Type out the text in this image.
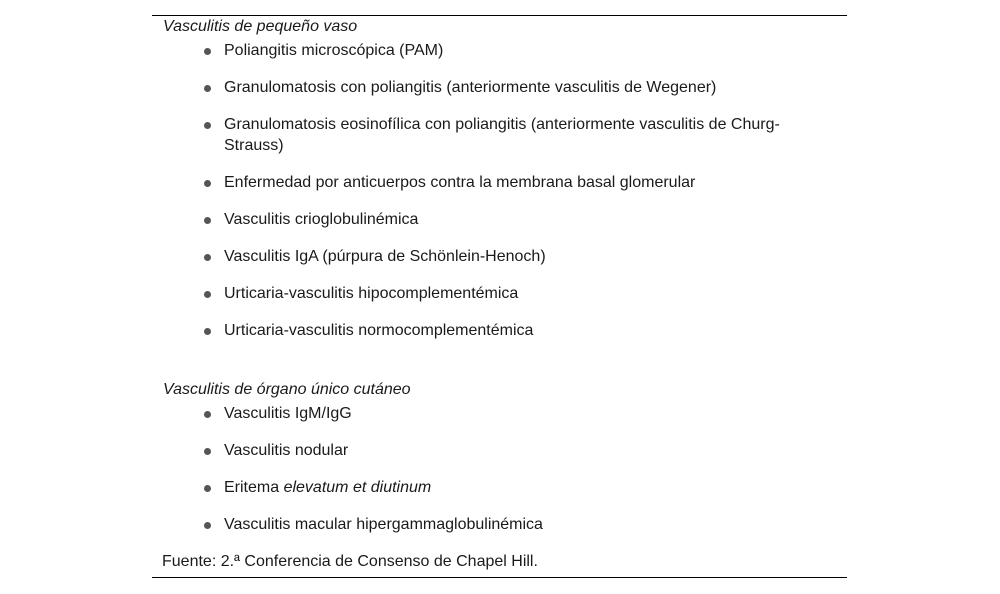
Vasculitis de pequeño vaso
Poliangitis microscópica (PAM)
Granulomatosis con poliangitis (anteriormente vasculitis de Wegener)
Granulomatosis eosinofílica con poliangitis (anteriormente vasculitis de Churg-Strauss)
Enfermedad por anticuerpos contra la membrana basal glomerular
Vasculitis crioglobulinémica
Vasculitis IgA (púrpura de Schönlein-Henoch)
Urticaria-vasculitis hipocomplementémica
Urticaria-vasculitis normocomplementémica
Vasculitis de órgano único cutáneo
Vasculitis IgM/IgG
Vasculitis nodular
Eritema elevatum et diutinum
Vasculitis macular hipergammaglobulinémica
Fuente: 2.ª Conferencia de Consenso de Chapel Hill.
